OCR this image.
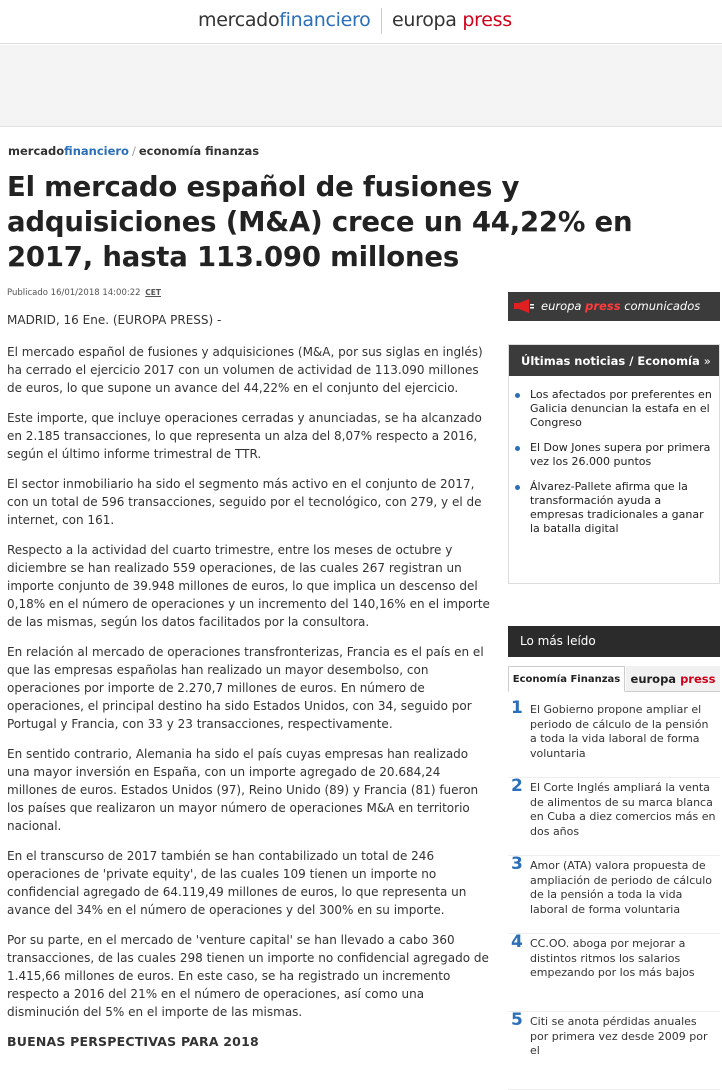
mercadofinanciero europa press
mercadofinanciero / economía finanzas
El mercado español de fusiones y adquisiciones (M&A) crece un 44,22% en 2017, hasta 113.090 millones
Publicado 16/01/2018 14:00:22 CET

MADRID, 16 Ene. (EUROPA PRESS) -

El mercado español de fusiones y adquisiciones (M&A, por sus siglas en inglés) ha cerrado el ejercicio 2017 con un volumen de actividad de 113.090 millones de euros, lo que supone un avance del 44,22% en el conjunto del ejercicio.

Este importe, que incluye operaciones cerradas y anunciadas, se ha alcanzado en 2.185 transacciones, lo que representa un alza del 8,07% respecto a 2016, según el último informe trimestral de TTR.

El sector inmobiliario ha sido el segmento más activo en el conjunto de 2017, con un total de 596 transacciones, seguido por el tecnológico, con 279, y el de internet, con 161.

Respecto a la actividad del cuarto trimestre, entre los meses de octubre y diciembre se han realizado 559 operaciones, de las cuales 267 registran un importe conjunto de 39.948 millones de euros, lo que implica un descenso del 0,18% en el número de operaciones y un incremento del 140,16% en el importe de las mismas, según los datos facilitados por la consultora.

En relación al mercado de operaciones transfronterizas, Francia es el país en el que las empresas españolas han realizado un mayor desembolso, con operaciones por importe de 2.270,7 millones de euros. En número de operaciones, el principal destino ha sido Estados Unidos, con 34, seguido por Portugal y Francia, con 33 y 23 transacciones, respectivamente.

En sentido contrario, Alemania ha sido el país cuyas empresas han realizado una mayor inversión en España, con un importe agregado de 20.684,24 millones de euros. Estados Unidos (97), Reino Unido (89) y Francia (81) fueron los países que realizaron un mayor número de operaciones M&A en territorio nacional.

En el transcurso de 2017 también se han contabilizado un total de 246 operaciones de 'private equity', de las cuales 109 tienen un importe no confidencial agregado de 64.119,49 millones de euros, lo que representa un avance del 34% en el número de operaciones y del 300% en su importe.

Por su parte, en el mercado de 'venture capital' se han llevado a cabo 360 transacciones, de las cuales 298 tienen un importe no confidencial agregado de 1.415,66 millones de euros. En este caso, se ha registrado un incremento respecto a 2016 del 21% en el número de operaciones, así como una disminución del 5% en el importe de las mismas.

BUENAS PERSPECTIVAS PARA 2018
europa press comunicados
Últimas noticias / Economía »
Los afectados por preferentes en Galicia denuncian la estafa en el Congreso
El Dow Jones supera por primera vez los 26.000 puntos
Álvarez-Pallete afirma que la transformación ayuda a empresas tradicionales a ganar la batalla digital
Lo más leído
Economía Finanzas europa press
1 El Gobierno propone ampliar el periodo de cálculo de la pensión a toda la vida laboral de forma voluntaria
2 El Corte Inglés ampliará la venta de alimentos de su marca blanca en Cuba a diez comercios más en dos años
3 Amor (ATA) valora propuesta de ampliación de periodo de cálculo de la pensión a toda la vida laboral de forma voluntaria
4 CC.OO. aboga por mejorar a distintos ritmos los salarios empezando por los más bajos
5 Citi se anota pérdidas anuales por primera vez desde 2009 por el
